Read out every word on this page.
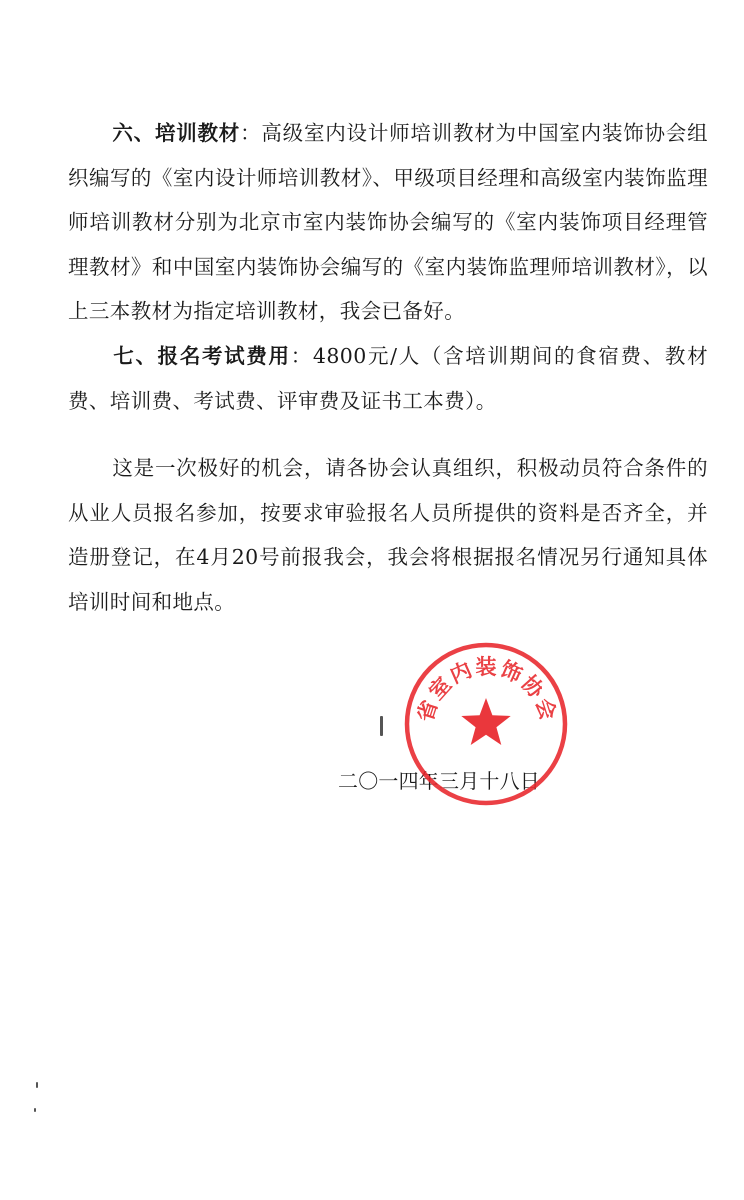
六、培训教材：高级室内设计师培训教材为中国室内装饰协会组织编写的《室内设计师培训教材》、甲级项目经理和高级室内装饰监理师培训教材分别为北京市室内装饰协会编写的《室内装饰项目经理管理教材》和中国室内装饰协会编写的《室内装饰监理师培训教材》，以上三本教材为指定培训教材，我会已备好。

七、报名考试费用：4800元/人（含培训期间的食宿费、教材费、培训费、考试费、评审费及证书工本费）。

这是一次极好的机会，请各协会认真组织，积极动员符合条件的从业人员报名参加，按要求审验报名人员所提供的资料是否齐全，并造册登记，在4月20号前报我会，我会将根据报名情况另行通知具体培训时间和地点。

二〇一四年三月十八日
省室内装饰协会
